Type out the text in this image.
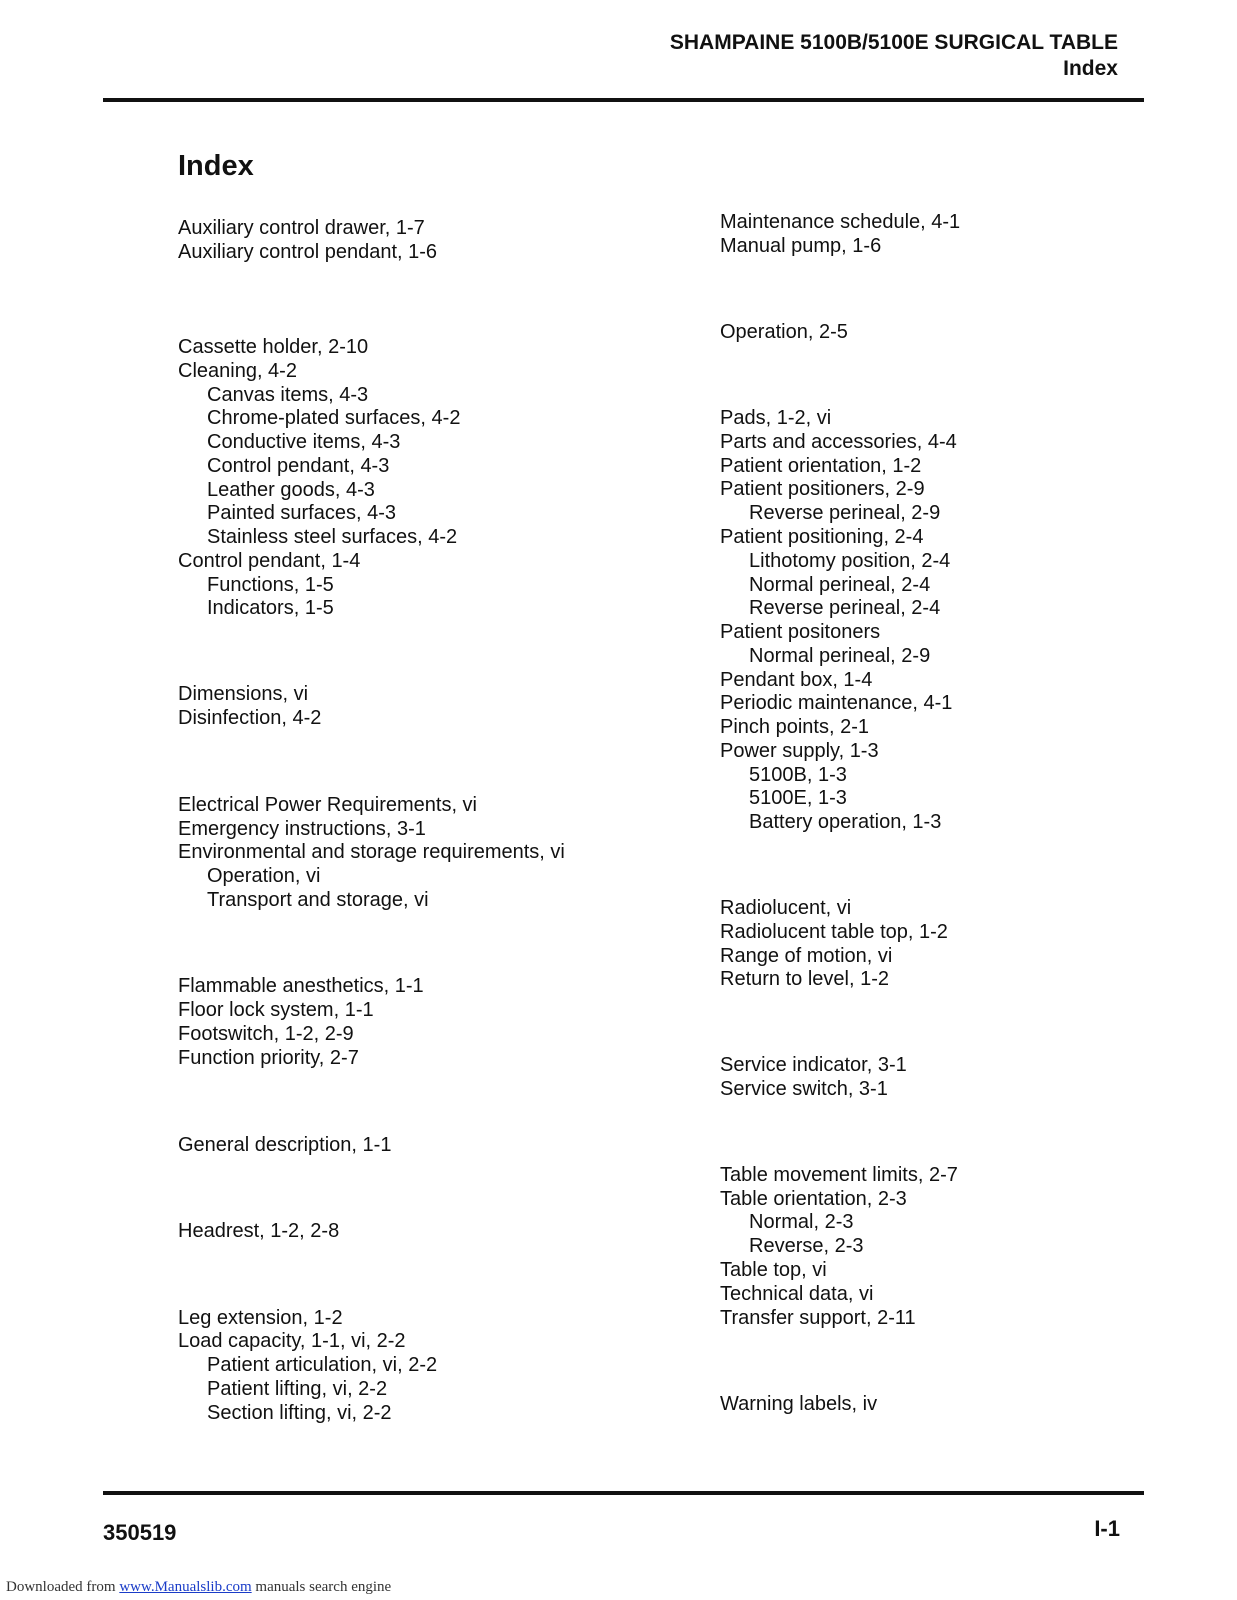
SHAMPAINE 5100B/5100E SURGICAL TABLE
Index
Index
Auxiliary control drawer, 1-7
Auxiliary control pendant, 1-6
Cassette holder, 2-10
Cleaning, 4-2
Canvas items, 4-3
Chrome-plated surfaces, 4-2
Conductive items, 4-3
Control pendant, 4-3
Leather goods, 4-3
Painted surfaces, 4-3
Stainless steel surfaces, 4-2
Control pendant, 1-4
Functions, 1-5
Indicators, 1-5
Dimensions, vi
Disinfection, 4-2
Electrical Power Requirements, vi
Emergency instructions, 3-1
Environmental and storage requirements, vi
Operation, vi
Transport and storage, vi
Flammable anesthetics, 1-1
Floor lock system, 1-1
Footswitch, 1-2, 2-9
Function priority, 2-7
General description, 1-1
Headrest, 1-2, 2-8
Leg extension, 1-2
Load capacity, 1-1, vi, 2-2
Patient articulation, vi, 2-2
Patient lifting, vi, 2-2
Section lifting, vi, 2-2
Maintenance schedule, 4-1
Manual pump, 1-6
Operation, 2-5
Pads, 1-2, vi
Parts and accessories, 4-4
Patient orientation, 1-2
Patient positioners, 2-9
Reverse perineal, 2-9
Patient positioning, 2-4
Lithotomy position, 2-4
Normal perineal, 2-4
Reverse perineal, 2-4
Patient positoners
Normal perineal, 2-9
Pendant box, 1-4
Periodic maintenance, 4-1
Pinch points, 2-1
Power supply, 1-3
5100B, 1-3
5100E, 1-3
Battery operation, 1-3
Radiolucent, vi
Radiolucent table top, 1-2
Range of motion, vi
Return to level, 1-2
Service indicator, 3-1
Service switch, 3-1
Table movement limits, 2-7
Table orientation, 2-3
Normal, 2-3
Reverse, 2-3
Table top, vi
Technical data, vi
Transfer support, 2-11
Warning labels, iv
350519	I-1
Downloaded from www.Manualslib.com manuals search engine
